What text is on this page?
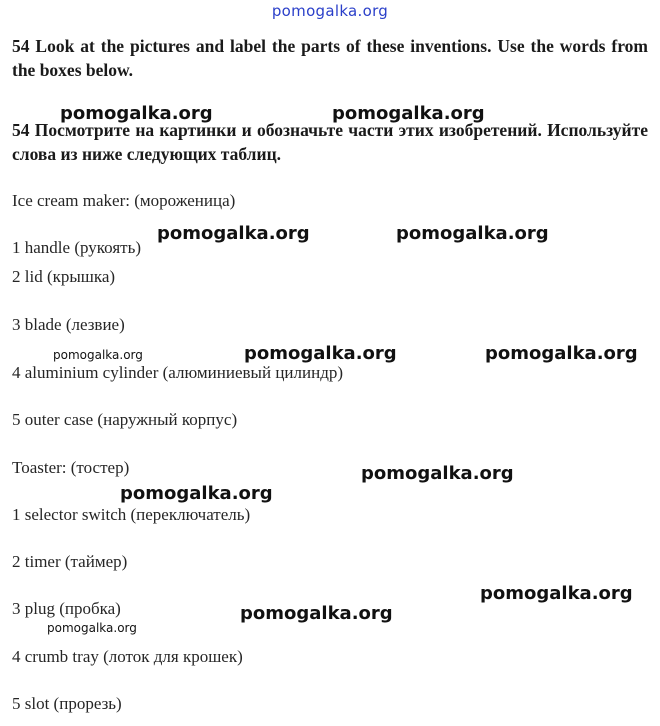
pomogalka.org
54 Look at the pictures and label the parts of these inventions. Use the words from the boxes below.
54 Посмотрите на картинки и обозначьте части этих изобретений. Используйте слова из ниже следующих таблиц.
Ice cream maker: (мороженица)
1 handle (рукоять)
2 lid (крышка)
3 blade (лезвие)
4 aluminium cylinder (алюминиевый цилиндр)
5 outer case (наружный корпус)
Toaster: (тостер)
1 selector switch (переключатель)
2 timer (таймер)
3 plug (пробка)
4 crumb tray (лоток для крошек)
5 slot (прорезь)
pomogalka.org	pomogalka.org
pomogalka.org	pomogalka.org
pomogalka.org	pomogalka.org	pomogalka.org
pomogalka.org
pomogalka.org
pomogalka.org
pomogalka.org
pomogalka.org
